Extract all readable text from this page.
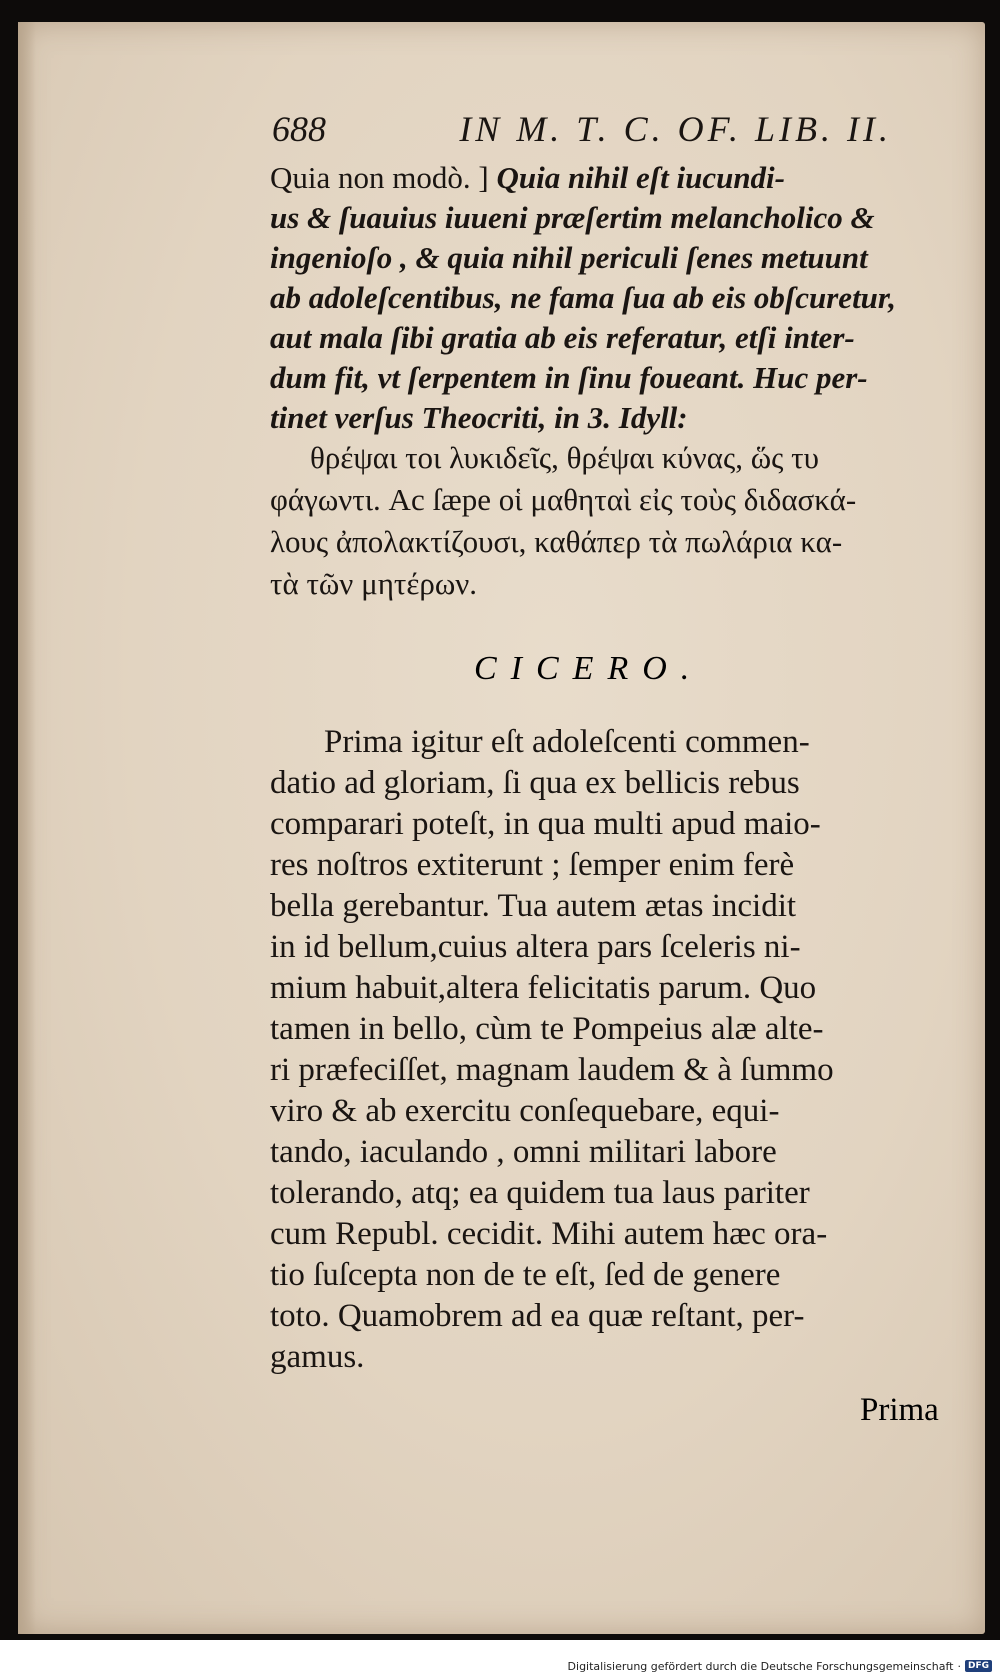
688	IN M. T. C. OF. LIB. II.
Quia non modò. ] Quia nihil eſt iucundi-
us & ſuauius iuueni præſertim melancholico &
ingenioſo , & quia nihil periculi ſenes metuunt
ab adoleſcentibus, ne fama ſua ab eis obſcuretur,
aut mala ſibi gratia ab eis referatur, etſi inter-
dum fit, vt ſerpentem in ſinu foueant. Huc per-
tinet verſus Theocriti, in 3. Idyll:
θρέψαι τοι λυκιδεῖς, θρέψαι κύνας, ὥς τυ
φάγωντι. Ac ſæpe οἱ μαθηταὶ εἰς τοὺς διδασκά-
λους ἀπολακτίζουσι, καθάπερ τὰ πωλάρια κα-
τὰ τῶν μητέρων.
CICERO.
Prima igitur eſt adoleſcenti commen-
datio ad gloriam, ſi qua ex bellicis rebus
comparari poteſt, in qua multi apud maio-
res noſtros extiterunt ; ſemper enim ferè
bella gerebantur. Tua autem ætas incidit
in id bellum,cuius altera pars ſceleris ni-
mium habuit,altera felicitatis parum. Quo
tamen in bello, cùm te Pompeius alæ alte-
ri præfeciſſet, magnam laudem & à ſummo
viro & ab exercitu conſequebare, equi-
tando, iaculando , omni militari labore
tolerando, atq; ea quidem tua laus pariter
cum Republ. cecidit. Mihi autem hæc ora-
tio ſuſcepta non de te eſt, ſed de genere
toto. Quamobrem ad ea quæ reſtant, per-
gamus.
Prima
Digitalisierung gefördert durch die Deutsche Forschungsgemeinschaft · DFG
